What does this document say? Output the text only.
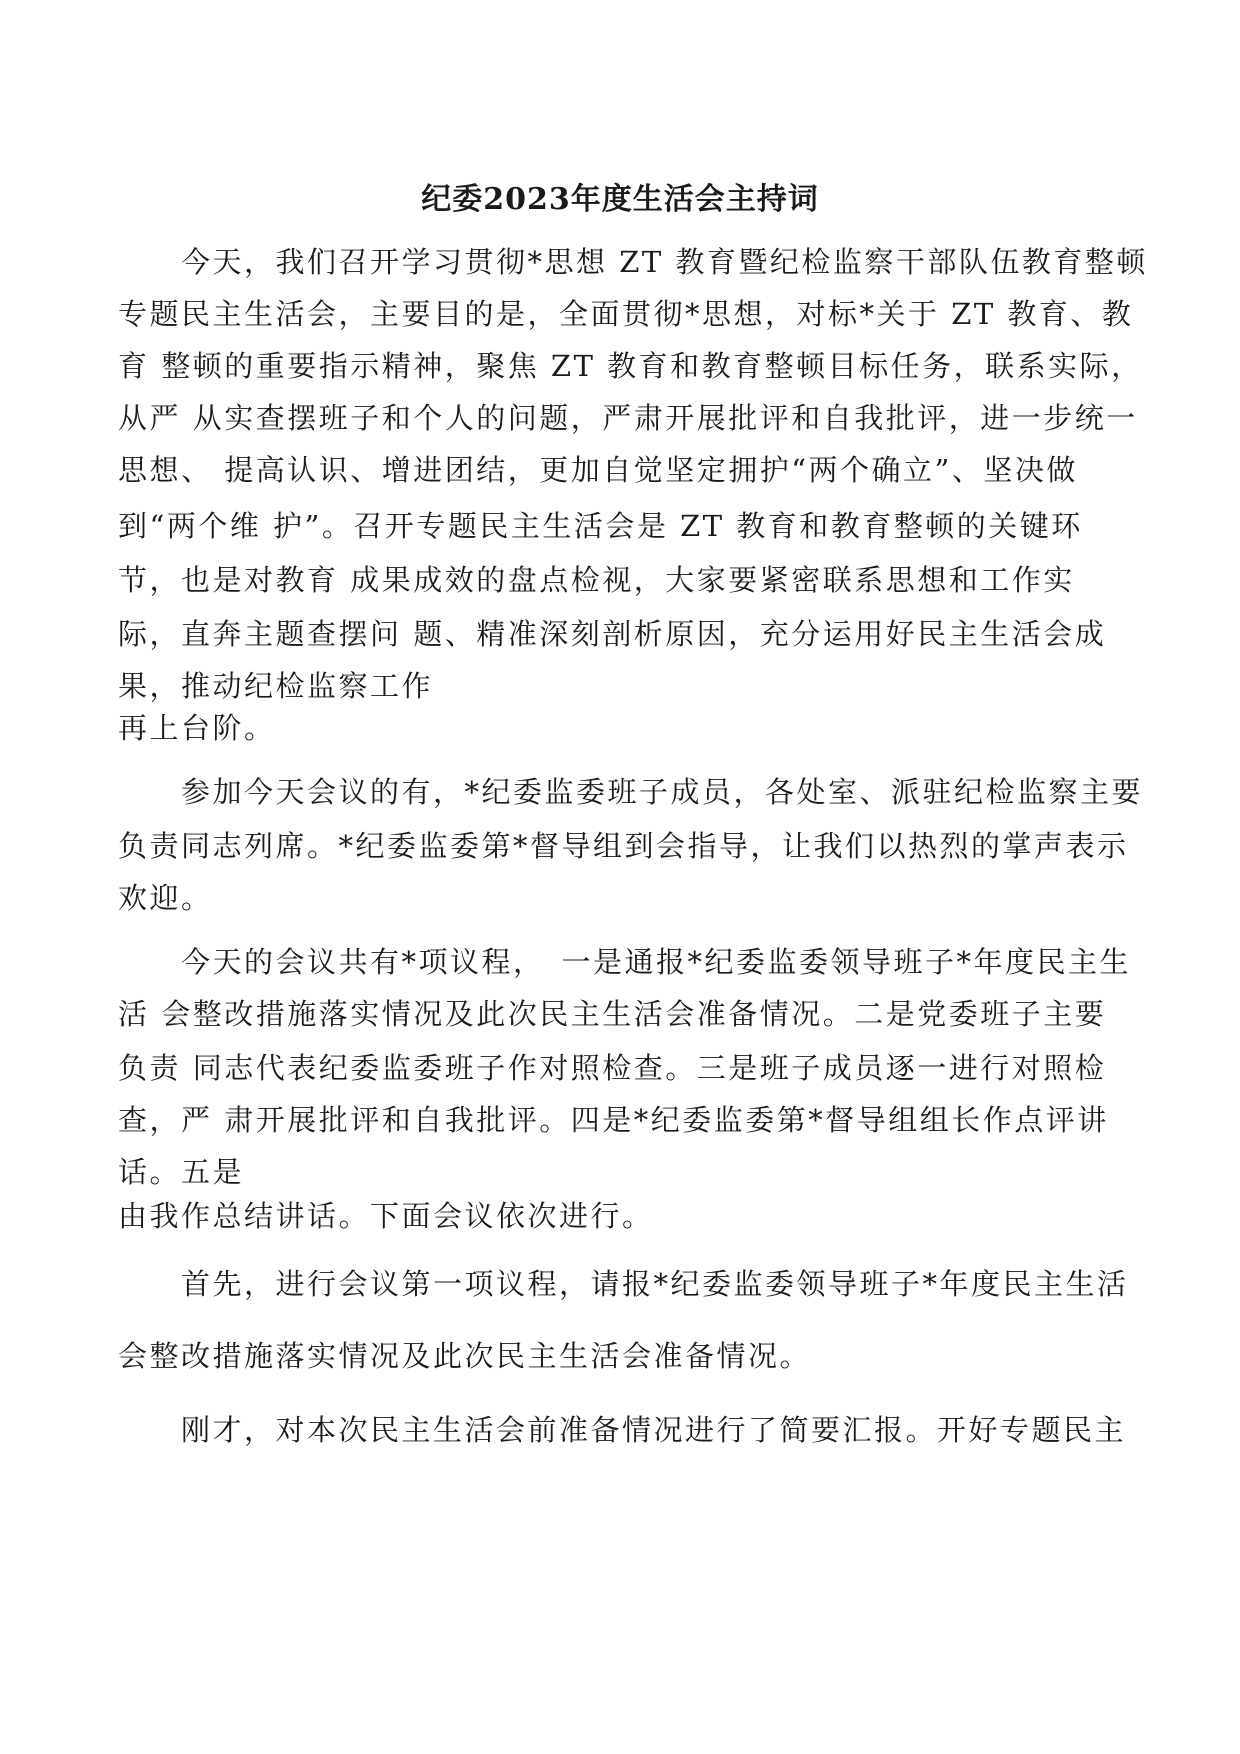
纪委2023年度生活会主持词

　　今天，我们召开学习贯彻*思想 ZT 教育暨纪检监察干部队伍教育整顿

专题民主生活会，主要目的是，全面贯彻*思想，对标*关于 ZT 教育、教

育 整顿的重要指示精神，聚焦 ZT 教育和教育整顿目标任务，联系实际，

从严 从实查摆班子和个人的问题，严肃开展批评和自我批评，进一步统一

思想、 提高认识、增进团结，更加自觉坚定拥护“两个确立”、坚决做

到“两个维 护”。召开专题民主生活会是 ZT 教育和教育整顿的关键环

节，也是对教育 成果成效的盘点检视，大家要紧密联系思想和工作实

际，直奔主题查摆问 题、精准深刻剖析原因，充分运用好民主生活会成

果，推动纪检监察工作

再上台阶。

　　参加今天会议的有，*纪委监委班子成员，各处室、派驻纪检监察主要

负责同志列席。*纪委监委第*督导组到会指导，让我们以热烈的掌声表示

欢迎。

　　今天的会议共有*项议程，　一是通报*纪委监委领导班子*年度民主生

活 会整改措施落实情况及此次民主生活会准备情况。二是党委班子主要

负责 同志代表纪委监委班子作对照检查。三是班子成员逐一进行对照检

查，严 肃开展批评和自我批评。四是*纪委监委第*督导组组长作点评讲

话。五是

由我作总结讲话。下面会议依次进行。

　　首先，进行会议第一项议程，请报*纪委监委领导班子*年度民主生活

会整改措施落实情况及此次民主生活会准备情况。

　　刚才，对本次民主生活会前准备情况进行了简要汇报。开好专题民主
